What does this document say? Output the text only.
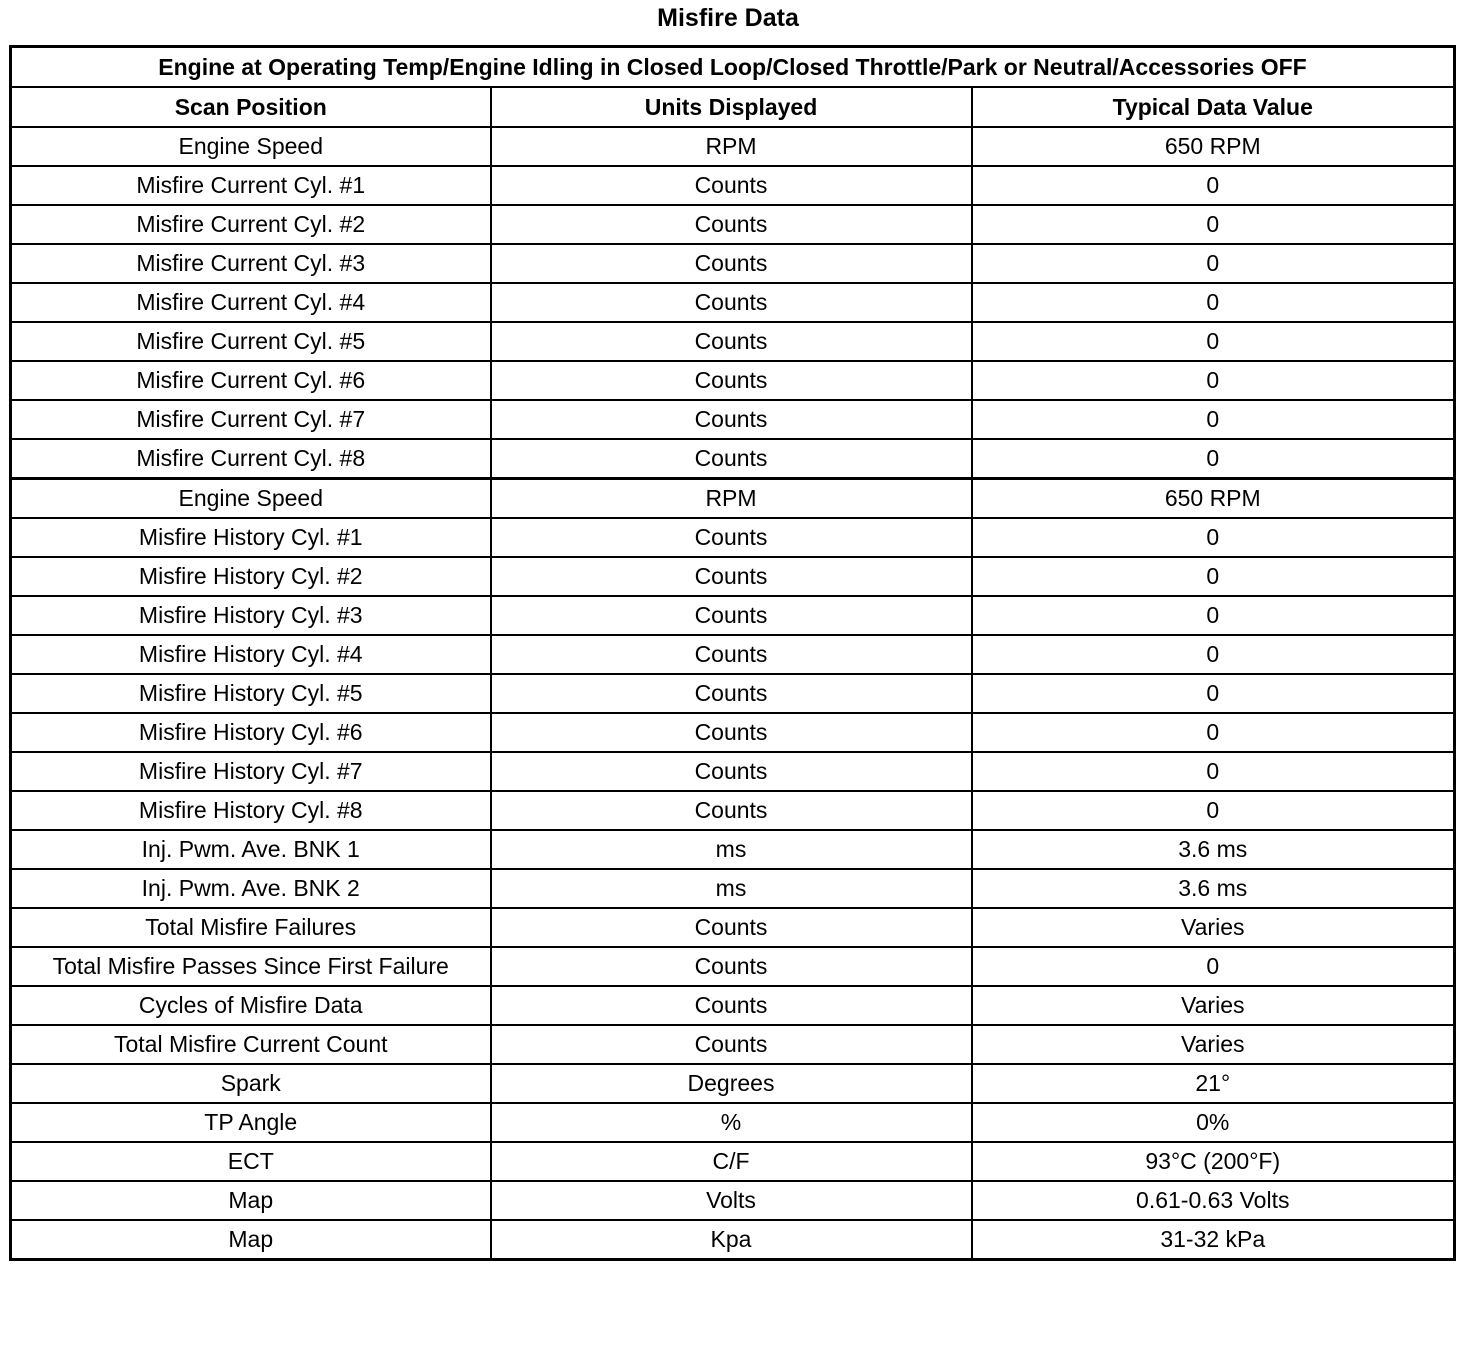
Misfire Data
Engine at Operating Temp/Engine Idling in Closed Loop/Closed Throttle/Park or Neutral/Accessories OFF		
Scan Position	Units Displayed	Typical Data Value
Engine Speed	RPM	650 RPM
Misfire Current Cyl. #1	Counts	0
Misfire Current Cyl. #2	Counts	0
Misfire Current Cyl. #3	Counts	0
Misfire Current Cyl. #4	Counts	0
Misfire Current Cyl. #5	Counts	0
Misfire Current Cyl. #6	Counts	0
Misfire Current Cyl. #7	Counts	0
Misfire Current Cyl. #8	Counts	0
Engine Speed	RPM	650 RPM
Misfire History Cyl. #1	Counts	0
Misfire History Cyl. #2	Counts	0
Misfire History Cyl. #3	Counts	0
Misfire History Cyl. #4	Counts	0
Misfire History Cyl. #5	Counts	0
Misfire History Cyl. #6	Counts	0
Misfire History Cyl. #7	Counts	0
Misfire History Cyl. #8	Counts	0
Inj. Pwm. Ave. BNK 1	ms	3.6 ms
Inj. Pwm. Ave. BNK 2	ms	3.6 ms
Total Misfire Failures	Counts	Varies
Total Misfire Passes Since First Failure	Counts	0
Cycles of Misfire Data	Counts	Varies
Total Misfire Current Count	Counts	Varies
Spark	Degrees	21°
TP Angle	%	0%
ECT	C/F	93°C (200°F)
Map	Volts	0.61-0.63 Volts
Map	Kpa	31-32 kPa
